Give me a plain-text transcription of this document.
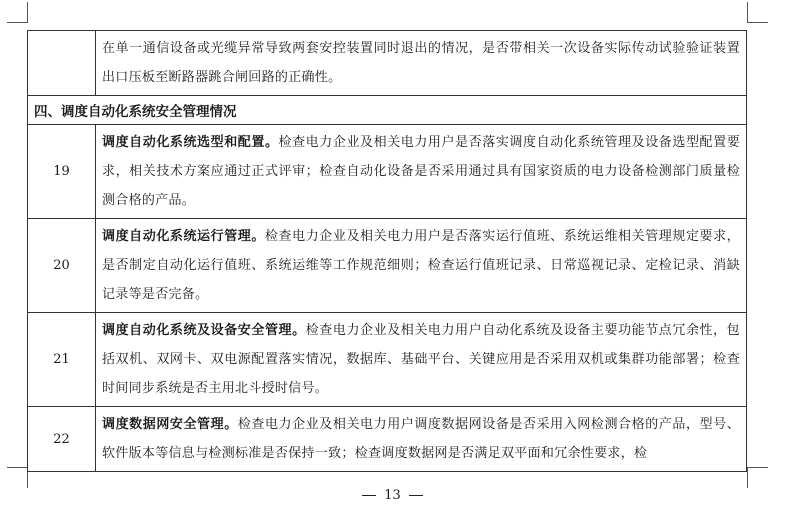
	在单一通信设备或光缆异常导致两套安控装置同时退出的情况，是否带相关一次设备实际传动试验验证装置出口压板至断路器跳合闸回路的正确性。
四、调度自动化系统安全管理情况	
19	调度自动化系统选型和配置。检查电力企业及相关电力用户是否落实调度自动化系统管理及设备选型配置要求，相关技术方案应通过正式评审；检查自动化设备是否采用通过具有国家资质的电力设备检测部门质量检测合格的产品。
20	调度自动化系统运行管理。检查电力企业及相关电力用户是否落实运行值班、系统运维相关管理规定要求，是否制定自动化运行值班、系统运维等工作规范细则；检查运行值班记录、日常巡视记录、定检记录、消缺记录等是否完备。
21	调度自动化系统及设备安全管理。检查电力企业及相关电力用户自动化系统及设备主要功能节点冗余性，包括双机、双网卡、双电源配置落实情况，数据库、基础平台、关键应用是否采用双机或集群功能部署；检查时间同步系统是否主用北斗授时信号。
22	调度数据网安全管理。检查电力企业及相关电力用户调度数据网设备是否采用入网检测合格的产品，型号、软件版本等信息与检测标准是否保持一致；检查调度数据网是否满足双平面和冗余性要求，检
13
